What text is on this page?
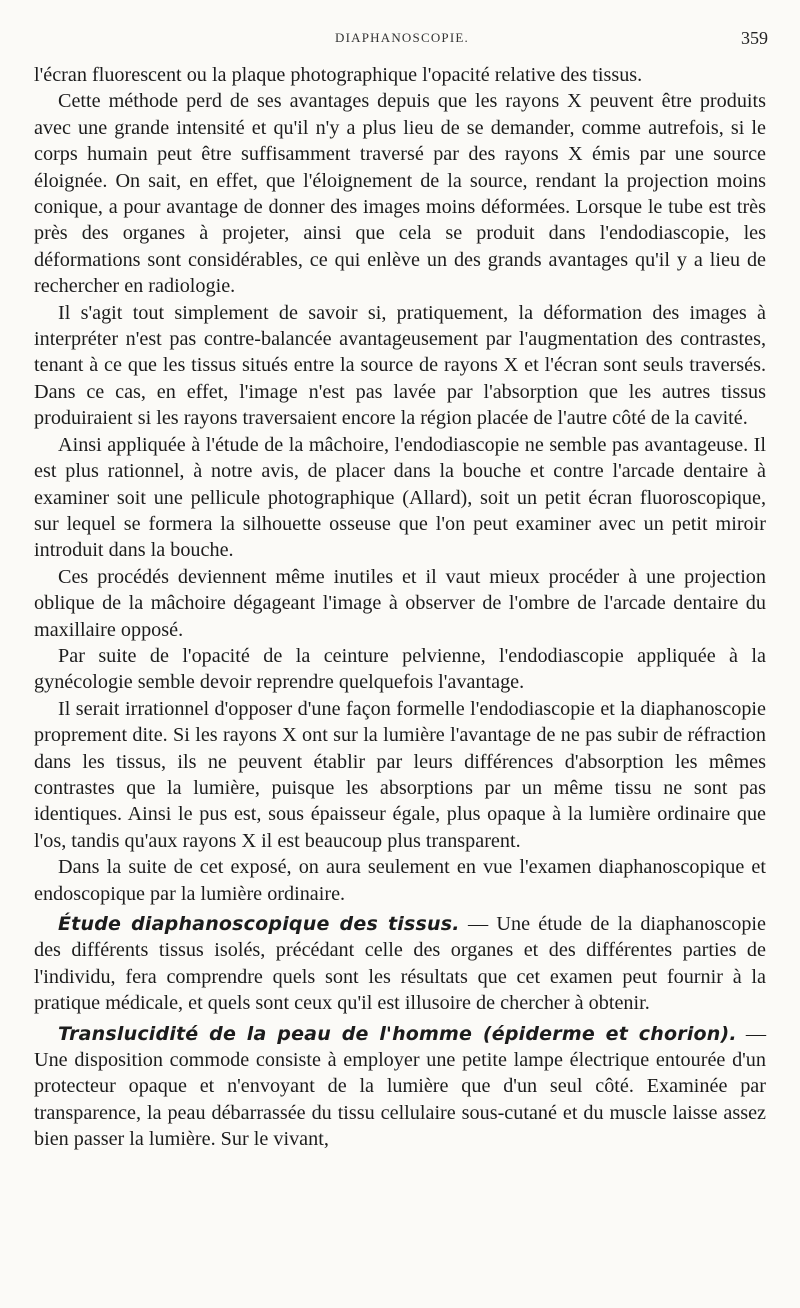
DIAPHANOSCOPIE.	359

l'écran fluorescent ou la plaque photographique l'opacité relative des tissus.

Cette méthode perd de ses avantages depuis que les rayons X peuvent être produits avec une grande intensité et qu'il n'y a plus lieu de se demander, comme autrefois, si le corps humain peut être suffisamment traversé par des rayons X émis par une source éloignée. On sait, en effet, que l'éloignement de la source, rendant la projection moins conique, a pour avantage de donner des images moins déformées. Lorsque le tube est très près des organes à projeter, ainsi que cela se produit dans l'endodiascopie, les déformations sont considérables, ce qui enlève un des grands avantages qu'il y a lieu de rechercher en radiologie.

Il s'agit tout simplement de savoir si, pratiquement, la déformation des images à interpréter n'est pas contre-balancée avantageusement par l'augmentation des contrastes, tenant à ce que les tissus situés entre la source de rayons X et l'écran sont seuls traversés. Dans ce cas, en effet, l'image n'est pas lavée par l'absorption que les autres tissus produiraient si les rayons traversaient encore la région placée de l'autre côté de la cavité.

Ainsi appliquée à l'étude de la mâchoire, l'endodiascopie ne semble pas avantageuse. Il est plus rationnel, à notre avis, de placer dans la bouche et contre l'arcade dentaire à examiner soit une pellicule photographique (Allard), soit un petit écran fluoroscopique, sur lequel se formera la silhouette osseuse que l'on peut examiner avec un petit miroir introduit dans la bouche.

Ces procédés deviennent même inutiles et il vaut mieux procéder à une projection oblique de la mâchoire dégageant l'image à observer de l'ombre de l'arcade dentaire du maxillaire opposé.

Par suite de l'opacité de la ceinture pelvienne, l'endodiascopie appliquée à la gynécologie semble devoir reprendre quelquefois l'avantage.

Il serait irrationnel d'opposer d'une façon formelle l'endodiascopie et la diaphanoscopie proprement dite. Si les rayons X ont sur la lumière l'avantage de ne pas subir de réfraction dans les tissus, ils ne peuvent établir par leurs différences d'absorption les mêmes contrastes que la lumière, puisque les absorptions par un même tissu ne sont pas identiques. Ainsi le pus est, sous épaisseur égale, plus opaque à la lumière ordinaire que l'os, tandis qu'aux rayons X il est beaucoup plus transparent.

Dans la suite de cet exposé, on aura seulement en vue l'examen diaphanoscopique et endoscopique par la lumière ordinaire.

Étude diaphanoscopique des tissus. — Une étude de la diaphanoscopie des différents tissus isolés, précédant celle des organes et des différentes parties de l'individu, fera comprendre quels sont les résultats que cet examen peut fournir à la pratique médicale, et quels sont ceux qu'il est illusoire de chercher à obtenir.

Translucidité de la peau de l'homme (épiderme et chorion). — Une disposition commode consiste à employer une petite lampe électrique entourée d'un protecteur opaque et n'envoyant de la lumière que d'un seul côté. Examinée par transparence, la peau débarrassée du tissu cellulaire sous-cutané et du muscle laisse assez bien passer la lumière. Sur le vivant,
